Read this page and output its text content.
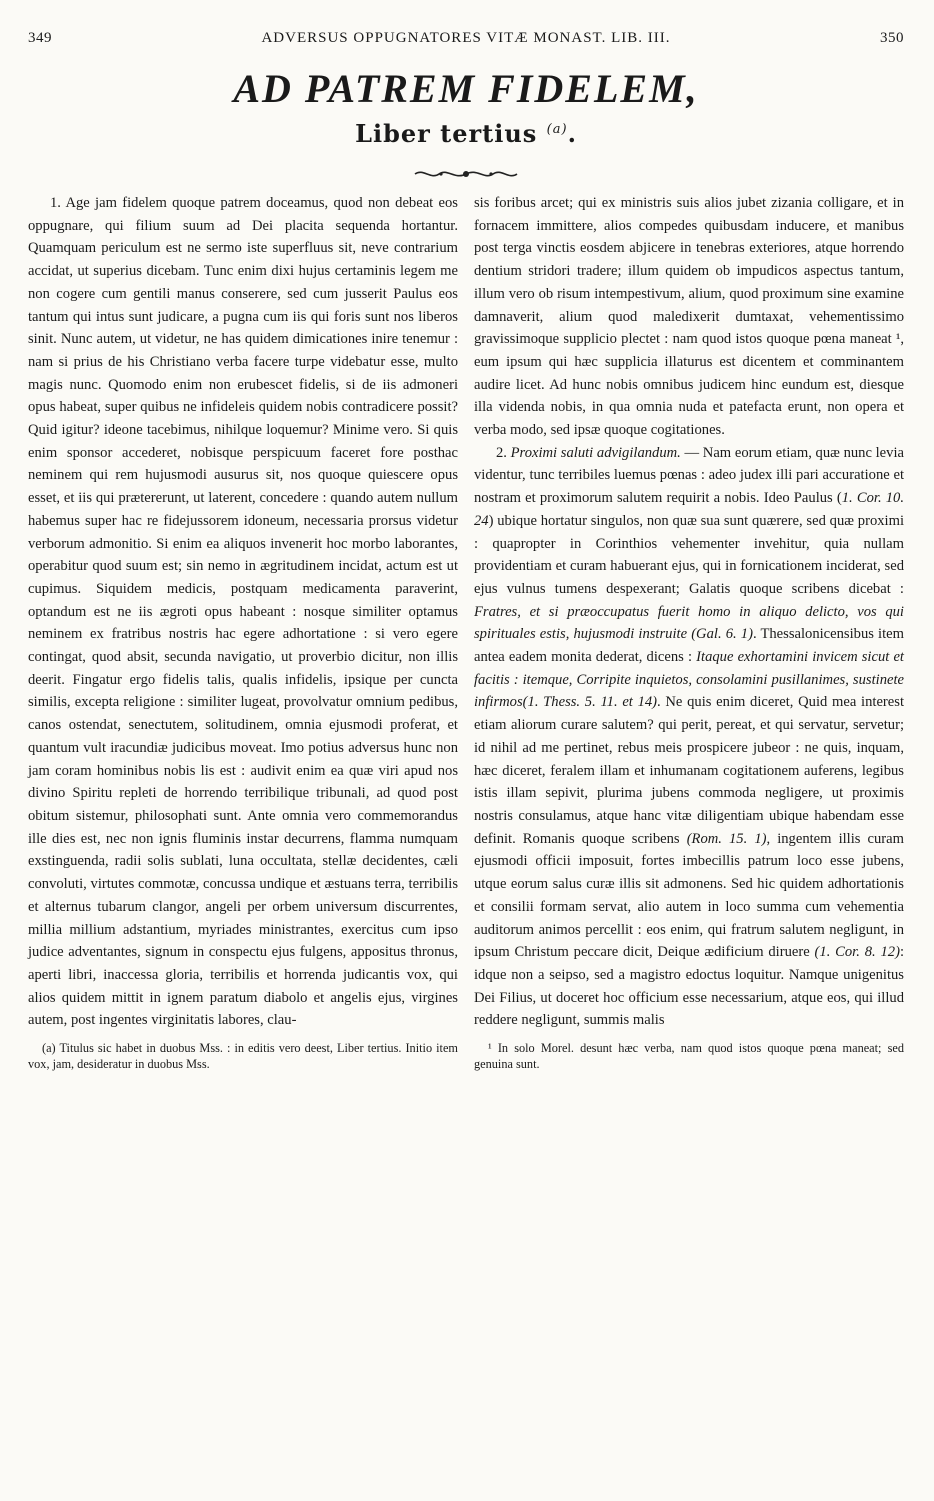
349	ADVERSUS OPPUGNATORES VITÆ MONAST. LIB. III.	350
AD PATREM FIDELEM,
Liber tertius $^{(a)}$.

1. Age jam fidelem quoque patrem doceamus, quod non debeat eos oppugnare, qui filium suum ad Dei placita sequenda hortantur. Quamquam periculum est ne sermo iste superfluus sit, neve contrarium accidat, ut superius dicebam. Tunc enim dixi hujus certaminis legem me non cogere cum gentili manus conserere, sed cum jusserit Paulus eos tantum qui intus sunt judicare, a pugna cum iis qui foris sunt nos liberos sinit. Nunc autem, ut videtur, ne has quidem dimicationes inire tenemur : nam si prius de his Christiano verba facere turpe videbatur esse, multo magis nunc. Quomodo enim non erubescet fidelis, si de iis admoneri opus habeat, super quibus ne infideleis quidem nobis contradicere possit? Quid igitur? ideone tacebimus, nihilque loquemur? Minime vero. Si quis enim sponsor accederet, nobisque perspicuum faceret fore posthac neminem qui rem hujusmodi ausurus sit, nos quoque quiescere opus esset, et iis qui prætererunt, ut laterent, concedere : quando autem nullum habemus super hac re fidejussorem idoneum, necessaria prorsus videtur verborum admonitio. Si enim ea aliquos invenerit hoc morbo laborantes, operabitur quod suum est; sin nemo in ægritudinem incidat, actum est ut cupimus. Siquidem medicis, postquam medicamenta paraverint, optandum est ne iis ægroti opus habeant : nosque similiter optamus neminem ex fratribus nostris hac egere adhortatione : si vero egere contingat, quod absit, secunda navigatio, ut proverbio dicitur, non illis deerit. Fingatur ergo fidelis talis, qualis infidelis, ipsique per cuncta similis, excepta religione : similiter lugeat, provolvatur omnium pedibus, canos ostendat, senectutem, solitudinem, omnia ejusmodi proferat, et quantum vult iracundiæ judicibus moveat. Imo potius adversus hunc non jam coram hominibus nobis lis est : audivit enim ea quæ viri apud nos divino Spiritu repleti de horrendo terribilique tribunali, ad quod post obitum sistemur, philosophati sunt. Ante omnia vero commemorandus ille dies est, nec non ignis fluminis instar decurrens, flamma numquam exstinguenda, radii solis sublati, luna occultata, stellæ decidentes, cæli convoluti, virtutes commotæ, concussa undique et æstuans terra, terribilis et alternus tubarum clangor, angeli per orbem universum discurrentes, millia millium adstantium, myriades ministrantes, exercitus cum ipso judice adventantes, signum in conspectu ejus fulgens, appositus thronus, aperti libri, inaccessa gloria, terribilis et horrenda judicantis vox, qui alios quidem mittit in ignem paratum diabolo et angelis ejus, virgines autem, post ingentes virginitatis labores, clau-

(a) Titulus sic habet in duobus Mss. : in editis vero deest, Liber tertius. Initio item vox, jam, desideratur in duobus Mss.

sis foribus arcet; qui ex ministris suis alios jubet zizania colligare, et in fornacem immittere, alios compedes quibusdam inducere, et manibus post terga vinctis eosdem abjicere in tenebras exteriores, atque horrendo dentium stridori tradere; illum quidem ob impudicos aspectus tantum, illum vero ob risum intempestivum, alium, quod proximum sine examine damnaverit, alium quod maledixerit dumtaxat, vehementissimo gravissimoque supplicio plectet : nam quod istos quoque pœna maneat ¹, eum ipsum qui hæc supplicia illaturus est dicentem et comminantem audire licet. Ad hunc nobis omnibus judicem hinc eundum est, diesque illa videnda nobis, in qua omnia nuda et patefacta erunt, non opera et verba modo, sed ipsæ quoque cogitationes.

2. Proximi saluti advigilandum. — Nam eorum etiam, quæ nunc levia videntur, tunc terribiles luemus pœnas : adeo judex illi pari accuratione et nostram et proximorum salutem requirit a nobis. Ideo Paulus (1. Cor. 10. 24) ubique hortatur singulos, non quæ sua sunt quærere, sed quæ proximi : quapropter in Corinthios vehementer invehitur, quia nullam providentiam et curam habuerant ejus, qui in fornicationem inciderat, sed ejus vulnus tumens despexerant; Galatis quoque scribens dicebat : Fratres, et si præoccupatus fuerit homo in aliquo delicto, vos qui spirituales estis, hujusmodi instruite (Gal. 6. 1). Thessalonicensibus item antea eadem monita dederat, dicens : Itaque exhortamini invicem sicut et facitis : itemque, Corripite inquietos, consolamini pusillanimes, sustinete infirmos(1. Thess. 5. 11. et 14). Ne quis enim diceret, Quid mea interest etiam aliorum curare salutem? qui perit, pereat, et qui servatur, servetur; id nihil ad me pertinet, rebus meis prospicere jubeor : ne quis, inquam, hæc diceret, feralem illam et inhumanam cogitationem auferens, legibus istis illam sepivit, plurima jubens commoda negligere, ut proximis nostris consulamus, atque hanc vitæ diligentiam ubique habendam esse definit. Romanis quoque scribens (Rom. 15. 1), ingentem illis curam ejusmodi officii imposuit, fortes imbecillis patrum loco esse jubens, utque eorum salus curæ illis sit admonens. Sed hic quidem adhortationis et consilii formam servat, alio autem in loco summa cum vehementia auditorum animos percellit : eos enim, qui fratrum salutem negligunt, in ipsum Christum peccare dicit, Deique ædificium diruere (1. Cor. 8. 12): idque non a seipso, sed a magistro edoctus loquitur. Namque unigenitus Dei Filius, ut doceret hoc officium esse necessarium, atque eos, qui illud reddere negligunt, summis malis

¹ In solo Morel. desunt hæc verba, nam quod istos quoque pœna maneat; sed genuina sunt.
